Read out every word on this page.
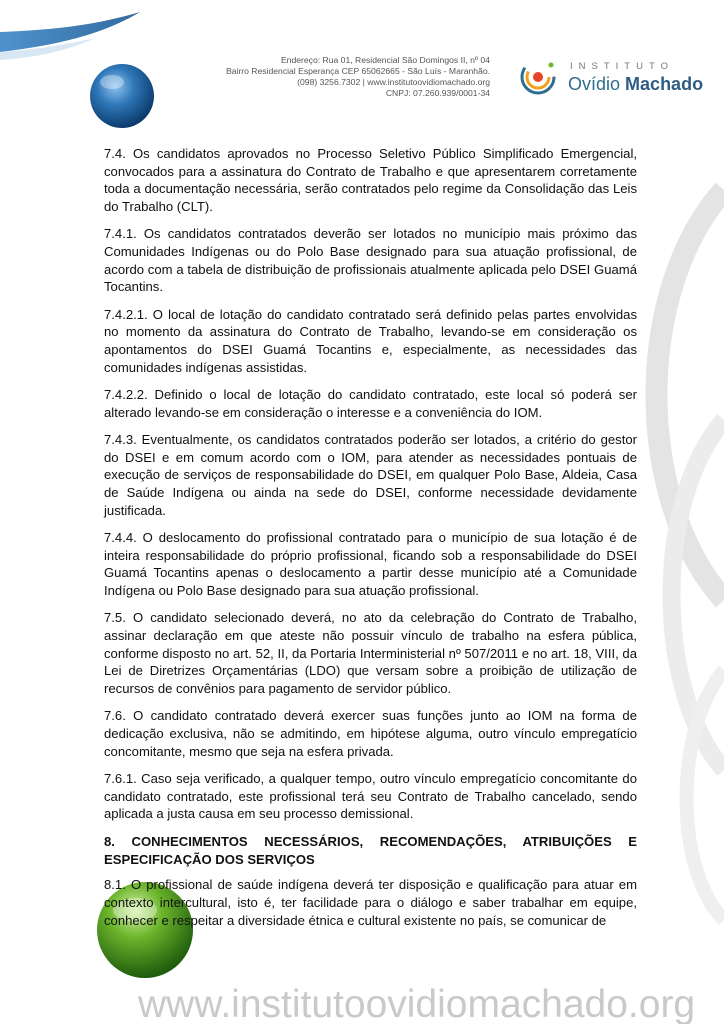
Endereço: Rua 01, Residencial São Domingos II, nº 04
Bairro Residencial Esperança CEP 65062665 - São Luís - Maranhão.
(098) 3256.7302 | www.institutoovidiomachado.org
CNPJ: 07.260.939/0001-34
INSTITUTO
Ovídio Machado

7.4. Os candidatos aprovados no Processo Seletivo Público Simplificado Emergencial, convocados para a assinatura do Contrato de Trabalho e que apresentarem corretamente toda a documentação necessária, serão contratados pelo regime da Consolidação das Leis do Trabalho (CLT).

7.4.1. Os candidatos contratados deverão ser lotados no município mais próximo das Comunidades Indígenas ou do Polo Base designado para sua atuação profissional, de acordo com a tabela de distribuição de profissionais atualmente aplicada pelo DSEI Guamá Tocantins.

7.4.2.1. O local de lotação do candidato contratado será definido pelas partes envolvidas no momento da assinatura do Contrato de Trabalho, levando-se em consideração os apontamentos do DSEI Guamá Tocantins e, especialmente, as necessidades das comunidades indígenas assistidas.

7.4.2.2. Definido o local de lotação do candidato contratado, este local só poderá ser alterado levando-se em consideração o interesse e a conveniência do IOM.

7.4.3. Eventualmente, os candidatos contratados poderão ser lotados, a critério do gestor do DSEI e em comum acordo com o IOM, para atender as necessidades pontuais de execução de serviços de responsabilidade do DSEI, em qualquer Polo Base, Aldeia, Casa de Saúde Indígena ou ainda na sede do DSEI, conforme necessidade devidamente justificada.

7.4.4. O deslocamento do profissional contratado para o município de sua lotação é de inteira responsabilidade do próprio profissional, ficando sob a responsabilidade do DSEI Guamá Tocantins apenas o deslocamento a partir desse município até a Comunidade Indígena ou Polo Base designado para sua atuação profissional.

7.5. O candidato selecionado deverá, no ato da celebração do Contrato de Trabalho, assinar declaração em que ateste não possuir vínculo de trabalho na esfera pública, conforme disposto no art. 52, II, da Portaria Interministerial nº 507/2011 e no art. 18, VIII, da Lei de Diretrizes Orçamentárias (LDO) que versam sobre a proibição de utilização de recursos de convênios para pagamento de servidor público.

7.6. O candidato contratado deverá exercer suas funções junto ao IOM na forma de dedicação exclusiva, não se admitindo, em hipótese alguma, outro vínculo empregatício concomitante, mesmo que seja na esfera privada.

7.6.1. Caso seja verificado, a qualquer tempo, outro vínculo empregatício concomitante do candidato contratado, este profissional terá seu Contrato de Trabalho cancelado, sendo aplicada a justa causa em seu processo demissional.

8. CONHECIMENTOS NECESSÁRIOS, RECOMENDAÇÕES, ATRIBUIÇÕES E ESPECIFICAÇÃO DOS SERVIÇOS

8.1. O profissional de saúde indígena deverá ter disposição e qualificação para atuar em contexto intercultural, isto é, ter facilidade para o diálogo e saber trabalhar em equipe, conhecer e respeitar a diversidade étnica e cultural existente no país, se comunicar de

www.institutoovidiomachado.org
